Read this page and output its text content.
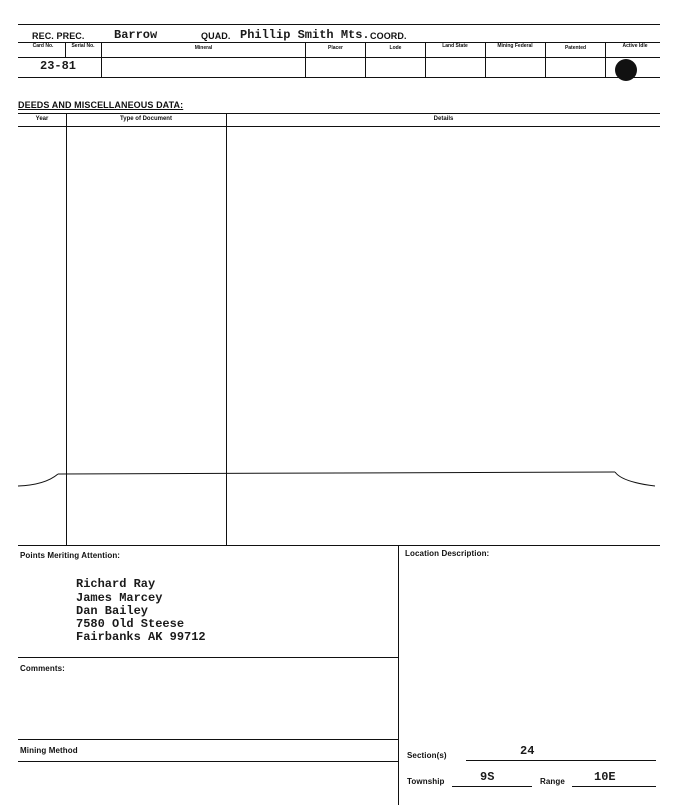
REC. PREC. Barrow	QUAD. Phillip Smith Mts. COORD.
Card No.	Serial No.	Mineral	Placer	Lode	Land State	Mining Federal	Patented	Active Idle
23-81
DEEDS AND MISCELLANEOUS DATA:
Year	Type of Document	Details
Points Meriting Attention:
Richard Ray
James Marcey
Dan Bailey
7580 Old Steese
Fairbanks AK 99712
Location Description:
Comments:
Mining Method
Section(s)	24
Township	9S	Range 10E
